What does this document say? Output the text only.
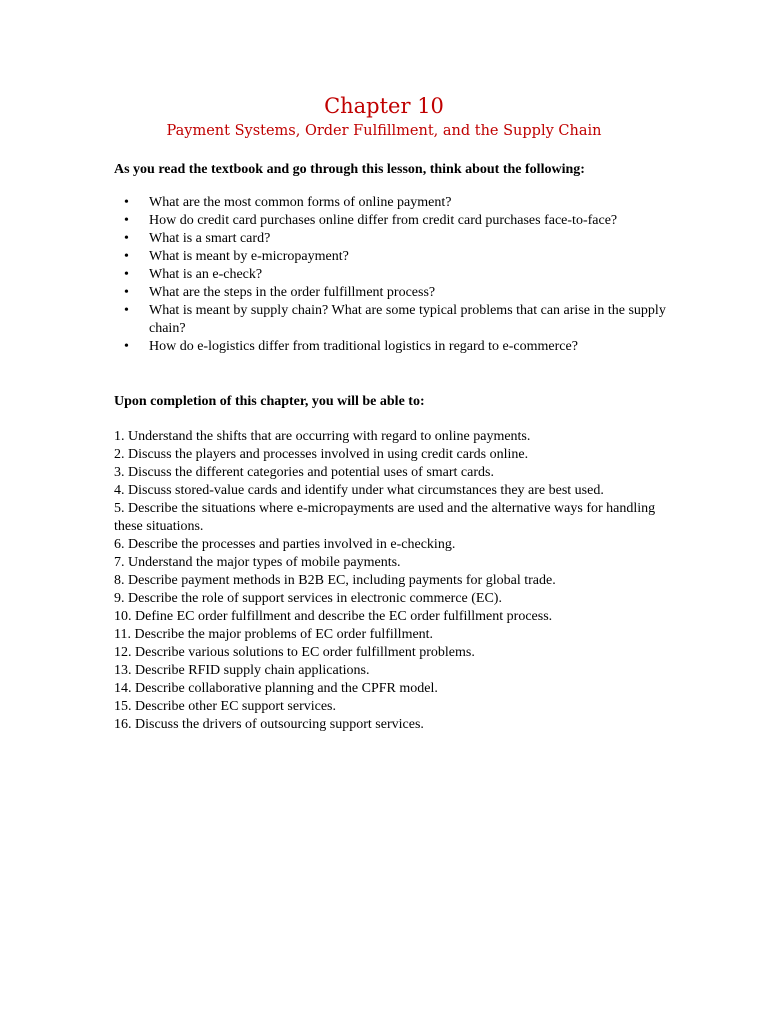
Chapter 10
Payment Systems, Order Fulfillment, and the Supply Chain

As you read the textbook and go through this lesson, think about the following:

• What are the most common forms of online payment?
• How do credit card purchases online differ from credit card purchases face-to-face?
• What is a smart card?
• What is meant by e-micropayment?
• What is an e-check?
• What are the steps in the order fulfillment process?
• What is meant by supply chain? What are some typical problems that can arise in the supply chain?
• How do e-logistics differ from traditional logistics in regard to e-commerce?

Upon completion of this chapter, you will be able to:

1. Understand the shifts that are occurring with regard to online payments.
2. Discuss the players and processes involved in using credit cards online.
3. Discuss the different categories and potential uses of smart cards.
4. Discuss stored-value cards and identify under what circumstances they are best used.
5. Describe the situations where e-micropayments are used and the alternative ways for handling these situations.
6. Describe the processes and parties involved in e-checking.
7. Understand the major types of mobile payments.
8. Describe payment methods in B2B EC, including payments for global trade.
9. Describe the role of support services in electronic commerce (EC).
10. Define EC order fulfillment and describe the EC order fulfillment process.
11. Describe the major problems of EC order fulfillment.
12. Describe various solutions to EC order fulfillment problems.
13. Describe RFID supply chain applications.
14. Describe collaborative planning and the CPFR model.
15. Describe other EC support services.
16. Discuss the drivers of outsourcing support services.
